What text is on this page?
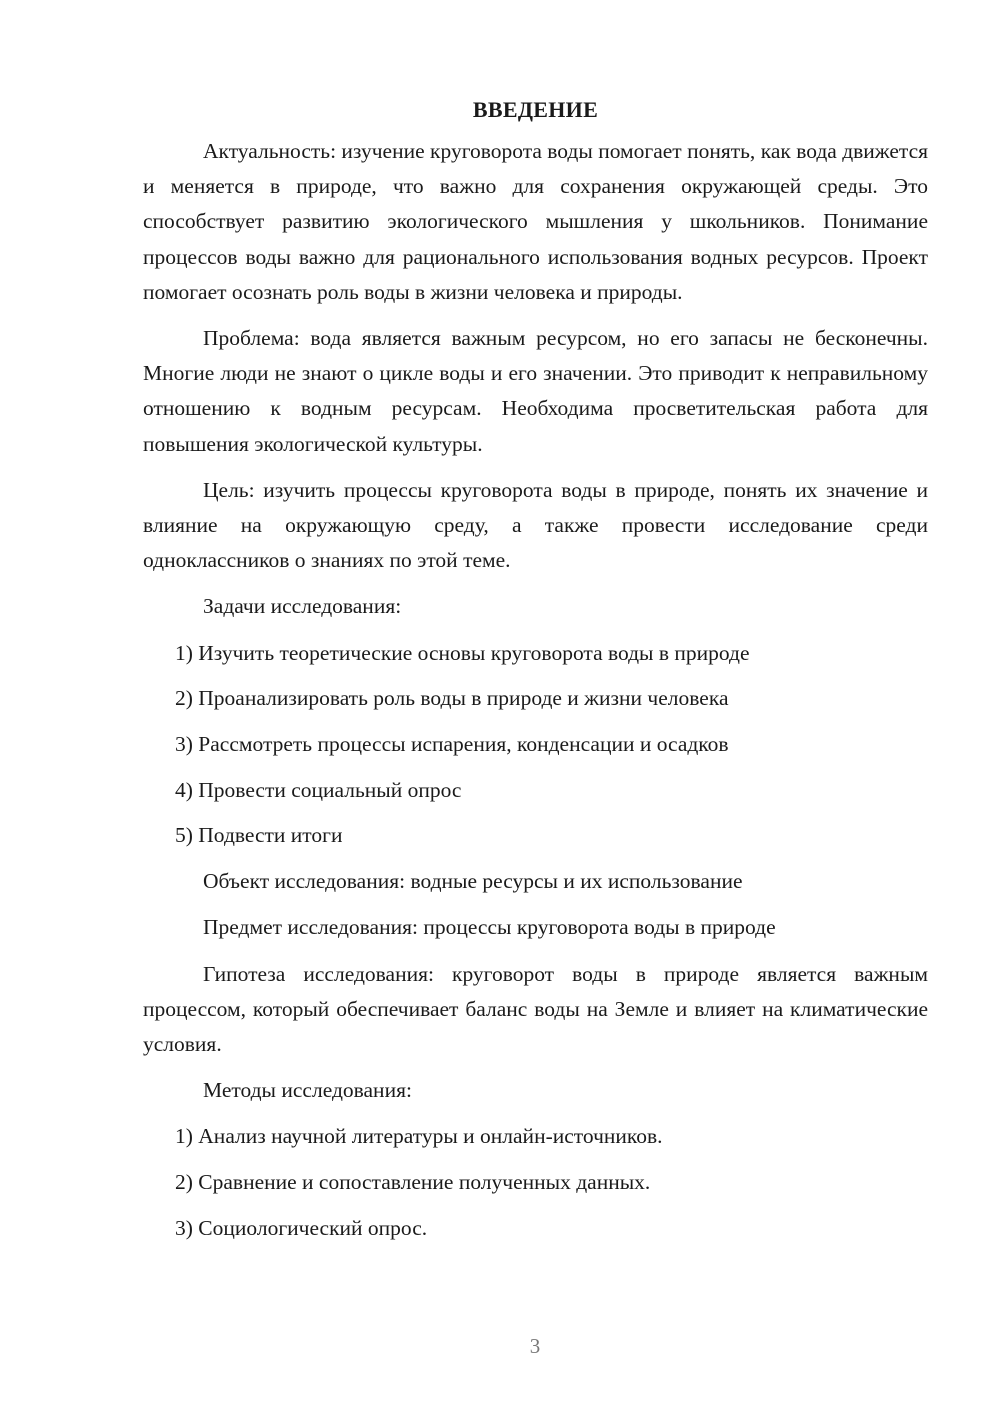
ВВЕДЕНИЕ

Актуальность: изучение круговорота воды помогает понять, как вода движется и меняется в природе, что важно для сохранения окружающей среды. Это способствует развитию экологического мышления у школьников. Понимание процессов воды важно для рационального использования водных ресурсов. Проект помогает осознать роль воды в жизни человека и природы.

Проблема: вода является важным ресурсом, но его запасы не бесконечны. Многие люди не знают о цикле воды и его значении. Это приводит к неправильному отношению к водным ресурсам. Необходима просветительская работа для повышения экологической культуры.

Цель: изучить процессы круговорота воды в природе, понять их значение и влияние на окружающую среду, а также провести исследование среди одноклассников о знаниях по этой теме.

Задачи исследования:

1) Изучить теоретические основы круговорота воды в природе

2) Проанализировать роль воды в природе и жизни человека

3) Рассмотреть процессы испарения, конденсации и осадков

4) Провести социальный опрос

5) Подвести итоги

Объект исследования: водные ресурсы и их использование

Предмет исследования: процессы круговорота воды в природе

Гипотеза исследования: круговорот воды в природе является важным процессом, который обеспечивает баланс воды на Земле и влияет на климатические условия.

Методы исследования:

1) Анализ научной литературы и онлайн-источников.

2) Сравнение и сопоставление полученных данных.

3) Социологический опрос.

3
